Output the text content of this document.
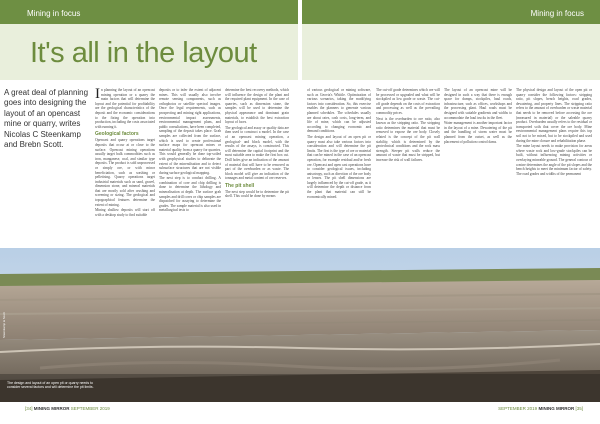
Mining in focus	Mining in focus
It's all in the layout

A great deal of planning goes into designing the layout of an opencast mine or quarry, writes Nicolas C Steenkamp and Brebn Scott.

In planning the layout of an opencast mining operation or a quarry the main factors that will determine the layout and the potential for profitability are the geological characteristics of the deposit and the economic considerations to the fixing the operation into production, including the costs associated with running it.

Geological factors

Opencast and quarry operations target deposits that occur at or close to the surface. Opencast mining operations usually target bulk commodities such as iron, manganese, coal, and similar type deposits. The product is sold unprocessed or simply ore, or with minor beneficiation, such as washing or pelletising. Quarry operations target industrial materials such as sand, gravel, dimension stone, and mineral materials that are mostly sold after crushing and screening or sizing. The geological and topographical features determine the extent of mining.

Mining shallow deposits will start off with a desktop study to find suitable

deposits or to infer the extent of adjacent mines. This will usually also involve remote sensing components, such as orthophotos or satellite spectral images. Once the legal requirements, such as prospecting and mining right applications, environmental impact assessments, environmental management plans, and public consultations, have been completed, sampling of the deposit takes place. Grab samples are collected from the surface, which is used to create professional surface maps for opencast mines or material quality from a quarry for quarries. This would generally be done top-soiled with geophysical studies to delineate the extent of the mineralisation and to detect subsurface structures that are not visible during surface geological mapping.

The next step is to conduct drilling. A combination of core and chip drilling is done to determine the lithology and mineralisation at depth. The surface grab samples and drill cores or chip samples are dispatched for assaying to determine the grades. The sample material is also used in metallurgical tests to

determine the best recovery methods, which will influence the design of the plant and the required plant equipment. In the case of quarries, such as dimension stone, the samples will be used to determine the physical appearance and dominant grain materials, to establish the best extraction layout of faces.

The geological and assay or quality data are then used to construct a model. In the case of an opencast mining operation, a geological- and block model, with the results of the assays, is constructed. This will determine the capital footprint and the most suitable area to make the first box cut. Drill holes give an indication of the amount of material that will have to be removed as part of the overburden or as waste. The block model will give an indication of the tonnages and metal content of ore reserves.

The pit shell

The next step would be to determine the pit shell. This could be done by means

of various geological or mining software, such as Geovia's Whittle. Optimisation of various scenarios, taking the modifying factors into consideration. So, this exercise enables the planners to generate various planned schedules. The schedules usually are about rates, cash costs, long-term, and life of mine, which can be adjusted according to changing economic and demand conditions.

The design and layout of an open pit or quarry must also take various factors into consideration and will determine the pit limits. The first is the type of ore or material that can be mined in the case of an opencast operation, for example residual and/or fresh ore. Opencast and open cast operations have to consider geological issues, including anisotropy, such as direction of the ore body or lenses. The pit shell dimensions are largely influenced by the cut-off grade, as it will determine the depth or distance from the plant that material can still be economically mined.

The cut-off grade determines which ore will be processed or upgraded and what will be stockpiled as low grade or waste. The cut-off grade depends on the costs of extraction and processing as well as the prevailing commodity prices.

Next is the overburden to ore ratio, also known as the stripping ratio. The stripping ratio determines the material that must be removed to expose the ore body. Closely related is the concept of the pit wall stability, which is determined by the geotechnical conditions and the rock mass strength. Steeper pit walls reduce the amount of waste that must be stripped, but increase the risk of wall failures.

The layout of an opencast mine will be designed in such a way that there is enough space for dumps, stockpiles, haul roads, infrastructure, such as offices, workshops and the processing plant. Haul roads must be designed with suitable gradients and widths to accommodate the haul trucks in the fleet.

Water management is another important factor in the layout of a mine. Dewatering of the pit and the handling of storm water must be planned from the outset, as well as the placement of pollution control dams.

The physical design and layout of the open pit or quarry consider the following factors: stripping ratio, pit slopes, bench heights, road grades, dewatering, and property lines. The stripping ratio refers to the amount of overburden or waste material that needs to be removed before accessing the ore (measured in material) or the saleable quarry product. Overburden usually refers to the residual or transported soils that cover the ore body. Mine environmental management plans require this top soil not to be mixed, but to be stockpiled and used during the mine closure and rehabilitation phase.

The mine layout needs to make provision for areas where waste rock and low-grade stockpiles can be built, without influencing mining activities or overlaying mineable ground. The general contour of a mine determines the angle of the pit slopes and the bench heights to meet the minimum factor of safety. The road grades and widths of the permanent

Steenkamp & Scott

The design and layout of an open pit or quarry needs to
consider several factors and will determine the pit limits.

[34] MINING MIRROR SEPTEMBER 2019	SEPTEMBER 2019 MINING MIRROR [35]
